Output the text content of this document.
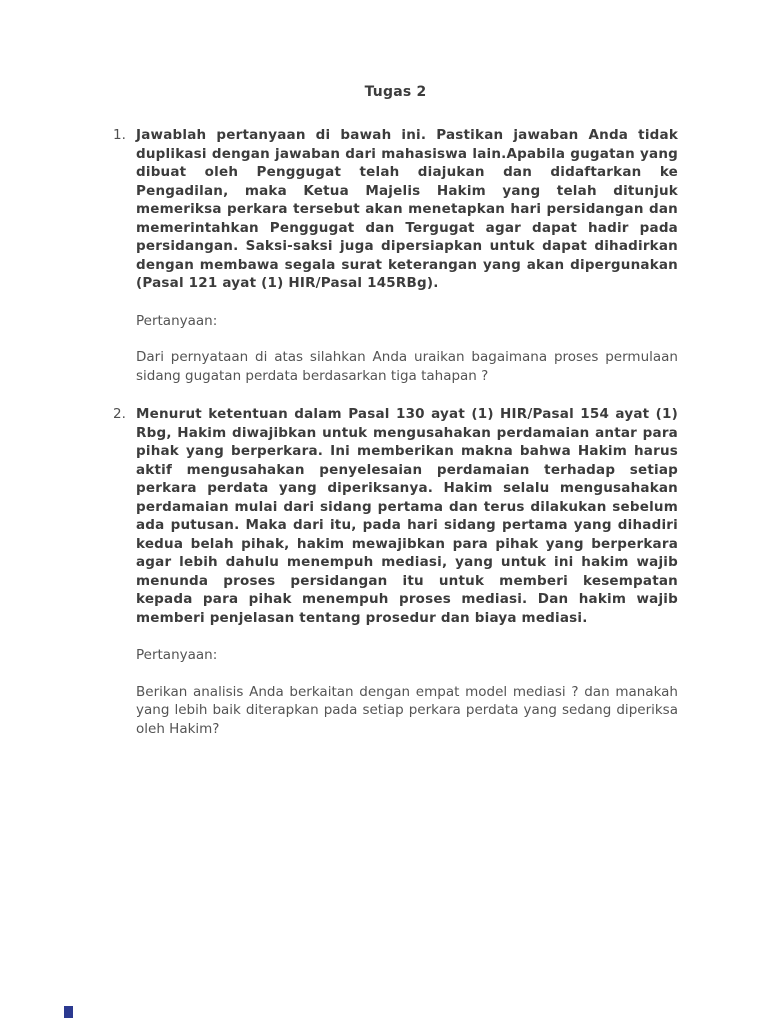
Tugas 2
1. Jawablah pertanyaan di bawah ini. Pastikan jawaban Anda tidak duplikasi dengan jawaban dari mahasiswa lain.Apabila gugatan yang dibuat oleh Penggugat telah diajukan dan didaftarkan ke Pengadilan, maka Ketua Majelis Hakim yang telah ditunjuk memeriksa perkara tersebut akan menetapkan hari persidangan dan memerintahkan Penggugat dan Tergugat agar dapat hadir pada persidangan. Saksi-saksi juga dipersiapkan untuk dapat dihadirkan dengan membawa segala surat keterangan yang akan dipergunakan (Pasal 121 ayat (1) HIR/Pasal 145RBg).

Pertanyaan:

Dari pernyataan di atas silahkan Anda uraikan bagaimana proses permulaan sidang gugatan perdata berdasarkan tiga tahapan ?

2. Menurut ketentuan dalam Pasal 130 ayat (1) HIR/Pasal 154 ayat (1) Rbg, Hakim diwajibkan untuk mengusahakan perdamaian antar para pihak yang berperkara. Ini memberikan makna bahwa Hakim harus aktif mengusahakan penyelesaian perdamaian terhadap setiap perkara perdata yang diperiksanya. Hakim selalu mengusahakan perdamaian mulai dari sidang pertama dan terus dilakukan sebelum ada putusan. Maka dari itu, pada hari sidang pertama yang dihadiri kedua belah pihak, hakim mewajibkan para pihak yang berperkara agar lebih dahulu menempuh mediasi, yang untuk ini hakim wajib menunda proses persidangan itu untuk memberi kesempatan kepada para pihak menempuh proses mediasi. Dan hakim wajib memberi penjelasan tentang prosedur dan biaya mediasi.

Pertanyaan:

Berikan analisis Anda berkaitan dengan empat model mediasi ? dan manakah yang lebih baik diterapkan pada setiap perkara perdata yang sedang diperiksa oleh Hakim?
